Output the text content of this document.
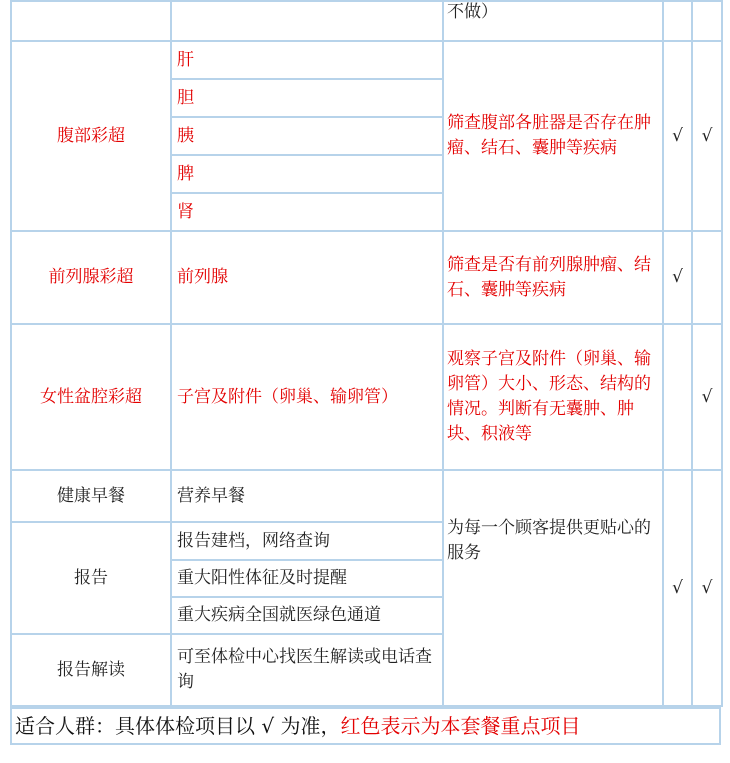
		不做）		
腹部彩超	肝	筛查腹部各脏器是否存在肿瘤、结石、囊肿等疾病	√	√
	胆			
	胰			
	脾			
	肾			
前列腺彩超	前列腺	筛查是否有前列腺肿瘤、结石、囊肿等疾病	√	
女性盆腔彩超	子宫及附件（卵巢、输卵管）	观察子宫及附件（卵巢、输卵管）大小、形态、结构的情况。判断有无囊肿、肿块、积液等		√
健康早餐	营养早餐	为每一个顾客提供更贴心的服务	√	√
报告	报告建档，网络查询			
	重大阳性体征及时提醒			
	重大疾病全国就医绿色通道			
报告解读	可至体检中心找医生解读或电话查询			
适合人群：具体体检项目以 √ 为准，红色表示为本套餐重点项目
